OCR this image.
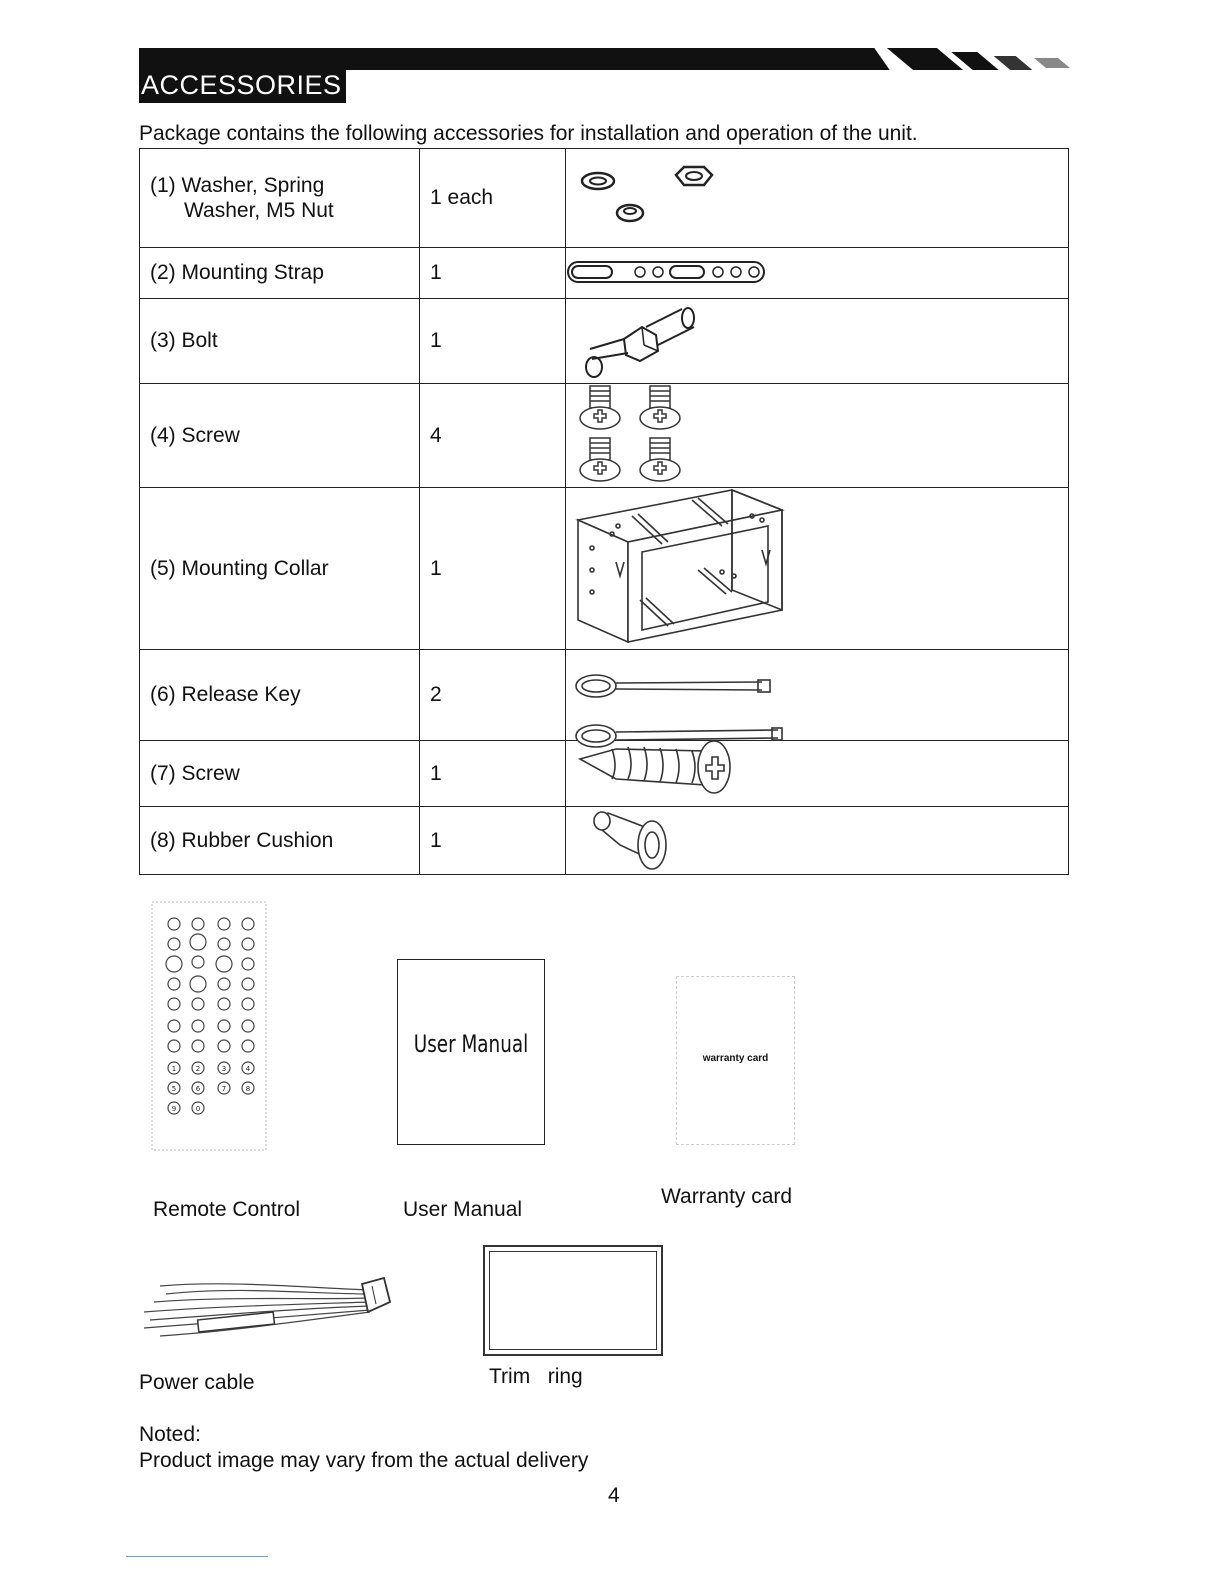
ACCESSORIES
Package contains the following accessories for installation and operation of the unit.
(1) Washer, Spring
Washer, M5 Nut	1 each	

(2) Mounting Strap	1	

(3) Bolt	1	

(4) Screw	4	

(5) Mounting Collar	1	

(6) Release Key	2	

(7) Screw	1	

(8) Rubber Cushion	1	
1	2	3	4
5	6	7	8
9	0
Remote Control
User Manual
User Manual
warranty card
Warranty card
Power cable	Trim   ring
Noted:
Product image may vary from the actual delivery
4
